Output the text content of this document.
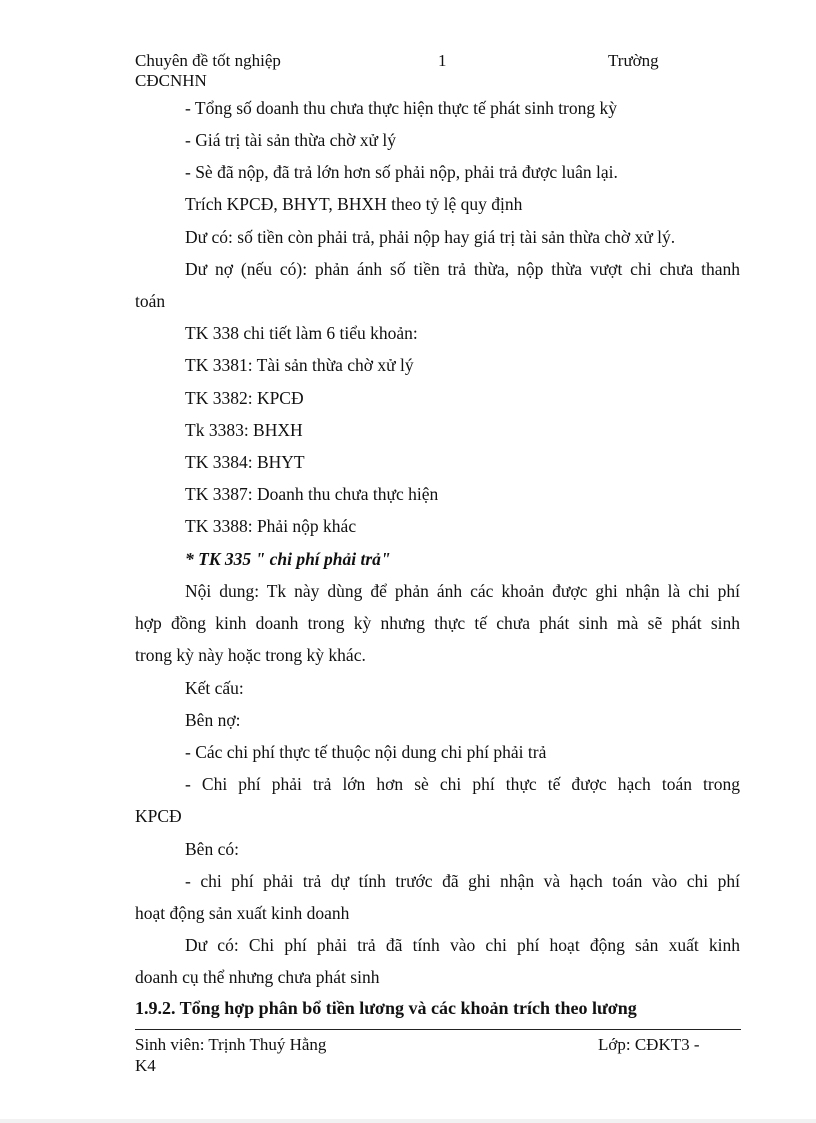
Chuyên đề tốt nghiệp	1	Trường
CĐCNHN
- Tổng số doanh thu chưa thực hiện thực tế phát sinh trong kỳ
- Giá trị tài sản thừa chờ xử lý
- Sè đã nộp, đã trả lớn hơn số phải nộp, phải trả được luân lại.
Trích KPCĐ, BHYT, BHXH theo tỷ lệ quy định
Dư có: số tiền còn phải trả, phải nộp hay giá trị tài sản thừa chờ xử lý.
Dư nợ (nếu có): phản ánh số tiền trả thừa, nộp thừa vượt chi chưa thanh
toán
TK 338 chi tiết làm 6 tiểu khoản:
TK 3381: Tài sản thừa chờ xử lý
TK 3382: KPCĐ
Tk 3383: BHXH
TK 3384: BHYT
TK 3387: Doanh thu chưa thực hiện
TK 3388: Phải nộp khác
* TK 335 " chi phí phải trả"
Nội dung: Tk này dùng để phản ánh các khoản được ghi nhận là chi phí
hợp đồng kinh doanh trong kỳ nhưng thực tế chưa phát sinh mà sẽ phát sinh
trong kỳ này hoặc trong kỳ khác.
Kết cấu:
Bên nợ:
- Các chi phí thực tế thuộc nội dung chi phí phải trả
- Chi phí phải trả lớn hơn sè chi phí thực tế được hạch toán trong
KPCĐ
Bên có:
- chi phí phải trả dự tính trước đã ghi nhận và hạch toán vào chi phí
hoạt động sản xuất kinh doanh
Dư có: Chi phí phải trả đã tính vào chi phí hoạt động sản xuất kinh
doanh cụ thể nhưng chưa phát sinh
1.9.2. Tổng hợp phân bổ tiền lương và các khoản trích theo lương
Sinh viên: Trịnh Thuý Hằng	Lớp: CĐKT3 -
K4
